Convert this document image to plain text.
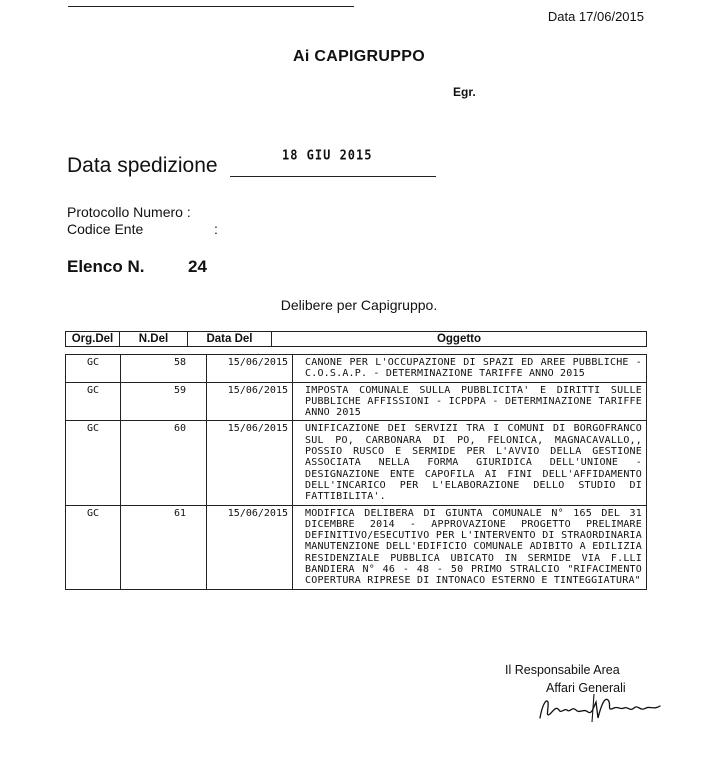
Data 17/06/2015
Ai CAPIGRUPPO
Egr.
Data spedizione	18 GIU 2015
Protocollo Numero :
Codice Ente	:
Elenco N.	24
Delibere per Capigruppo.
Org.Del	N.Del	Data Del	Oggetto
GC	58	15/06/2015	CANONE PER L'OCCUPAZIONE DI SPAZI ED AREE PUBBLICHE - C.O.S.A.P. - DETERMINAZIONE TARIFFE ANNO 2015
GC	59	15/06/2015	IMPOSTA COMUNALE SULLA PUBBLICITA' E DIRITTI SULLE PUBBLICHE AFFISSIONI - ICPDPA - DETERMINAZIONE TARIFFE ANNO 2015
GC	60	15/06/2015	UNIFICAZIONE DEI SERVIZI TRA I COMUNI DI BORGOFRANCO SUL PO, CARBONARA DI PO, FELONICA, MAGNACAVALLO,, POSSIO RUSCO E SERMIDE PER L'AVVIO DELLA GESTIONE ASSOCIATA NELLA FORMA GIURIDICA DELL'UNIONE - DESIGNAZIONE ENTE CAPOFILA AI FINI DELL'AFFIDAMENTO DELL'INCARICO PER L'ELABORAZIONE DELLO STUDIO DI FATTIBILITA'.
GC	61	15/06/2015	MODIFICA DELIBERA DI GIUNTA COMUNALE N° 165 DEL 31 DICEMBRE 2014 - APPROVAZIONE PROGETTO PRELIMARE DEFINITIVO/ESECUTIVO PER L'INTERVENTO DI STRAORDINARIA MANUTENZIONE DELL'EDIFICIO COMUNALE ADIBITO A EDILIZIA RESIDENZIALE PUBBLICA UBICATO IN SERMIDE VIA F.LLI BANDIERA N° 46 - 48 - 50 PRIMO STRALCIO "RIFACIMENTO COPERTURA RIPRESE DI INTONACO ESTERNO E TINTEGGIATURA"
Il Responsabile Area
Affari Generali
